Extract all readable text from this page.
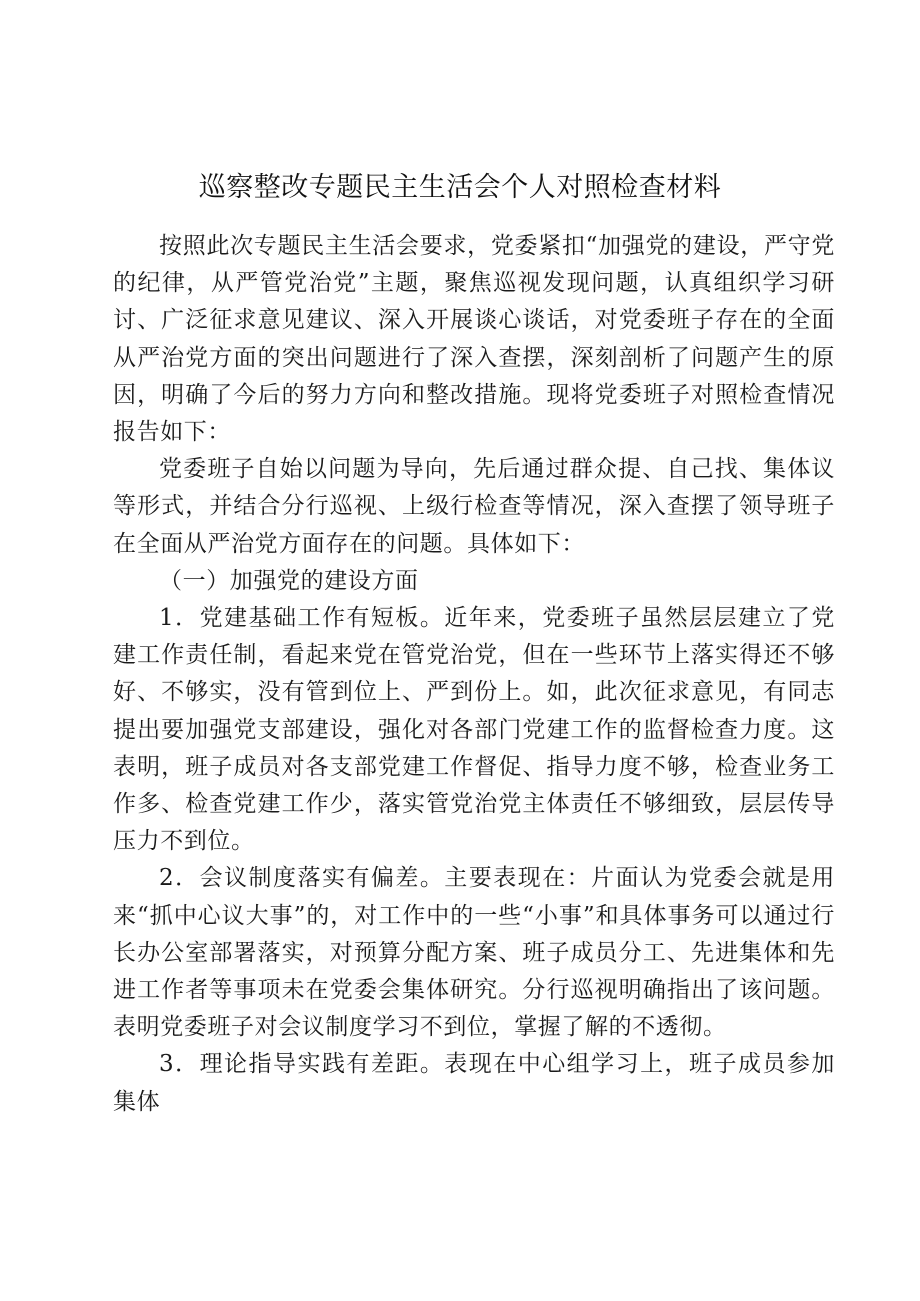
巡察整改专题民主生活会个人对照检查材料

按照此次专题民主生活会要求，党委紧扣“加强党的建设，严守党的纪律，从严管党治党”主题，聚焦巡视发现问题，认真组织学习研讨、广泛征求意见建议、深入开展谈心谈话，对党委班子存在的全面从严治党方面的突出问题进行了深入查摆，深刻剖析了问题产生的原因，明确了今后的努力方向和整改措施。现将党委班子对照检查情况报告如下：

党委班子自始以问题为导向，先后通过群众提、自己找、集体议等形式，并结合分行巡视、上级行检查等情况，深入查摆了领导班子在全面从严治党方面存在的问题。具体如下：

（一）加强党的建设方面

1．党建基础工作有短板。近年来，党委班子虽然层层建立了党建工作责任制，看起来党在管党治党，但在一些环节上落实得还不够好、不够实，没有管到位上、严到份上。如，此次征求意见，有同志提出要加强党支部建设，强化对各部门党建工作的监督检查力度。这表明，班子成员对各支部党建工作督促、指导力度不够，检查业务工作多、检查党建工作少，落实管党治党主体责任不够细致，层层传导压力不到位。

2．会议制度落实有偏差。主要表现在：片面认为党委会就是用来“抓中心议大事”的，对工作中的一些“小事”和具体事务可以通过行长办公室部署落实，对预算分配方案、班子成员分工、先进集体和先进工作者等事项未在党委会集体研究。分行巡视明确指出了该问题。表明党委班子对会议制度学习不到位，掌握了解的不透彻。

3．理论指导实践有差距。表现在中心组学习上，班子成员参加集体
